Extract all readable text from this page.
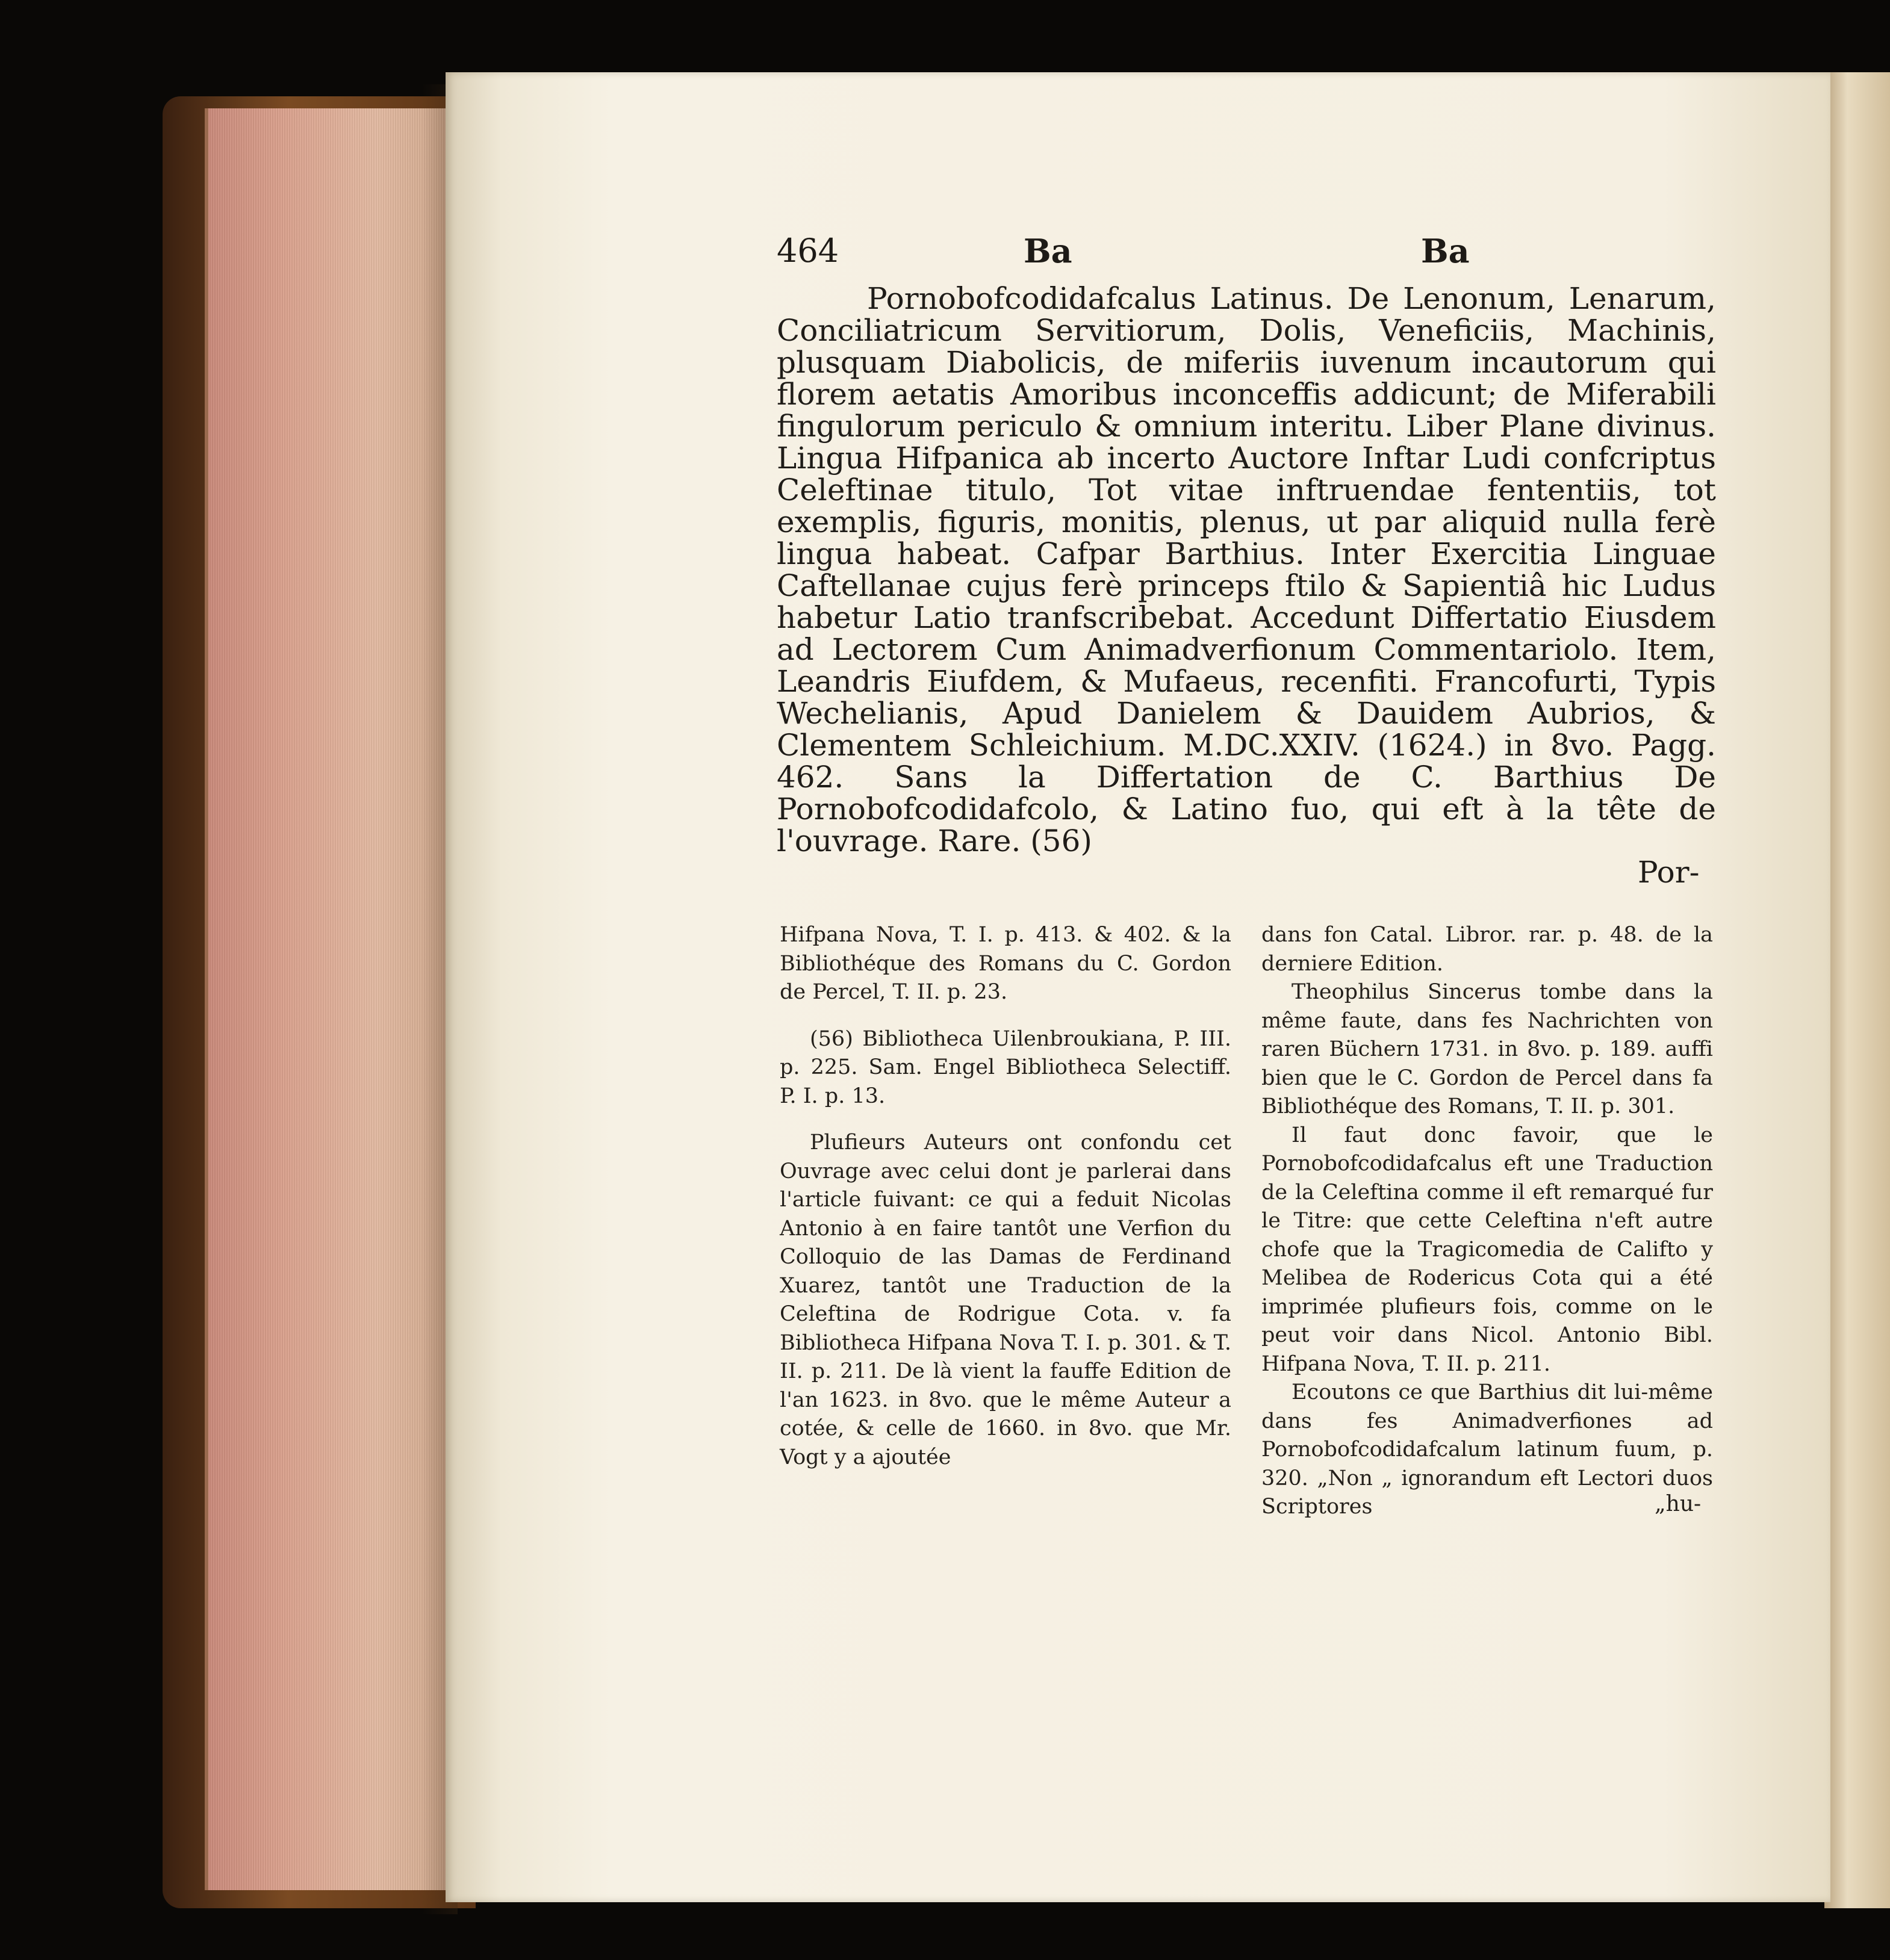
464	Ba	Ba

Pornobofcodidafcalus Latinus. De Lenonum, Lenarum, Conciliatricum Servitiorum, Dolis, Veneficiis, Machinis, plusquam Diabolicis, de miferiis iuvenum incautorum qui florem aetatis Amoribus inconceffis addicunt; de Miferabili fingulorum periculo & omnium interitu. Liber Plane divinus. Lingua Hifpanica ab incerto Auctore Inftar Ludi confcriptus Celeftinae titulo, Tot vitae inftruendae fententiis, tot exemplis, figuris, monitis, plenus, ut par aliquid nulla ferè lingua habeat. Cafpar Barthius. Inter Exercitia Linguae Caftellanae cujus ferè princeps ftilo & Sapientiâ hic Ludus habetur Latio tranfscribebat. Accedunt Differtatio Eiusdem ad Lectorem Cum Animadverfionum Commentariolo. Item, Leandris Eiufdem, & Mufaeus, recenfiti. Francofurti, Typis Wechelianis, Apud Danielem & Dauidem Aubrios, & Clementem Schleichium. M.DC.XXIV. (1624.) in 8vo. Pagg. 462. Sans la Differtation de C. Barthius De Pornobofcodidafcolo, & Latino fuo, qui eft à la tête de l'ouvrage. Rare. (56)

Por-

Hifpana Nova, T. I. p. 413. & 402. & la Bibliothéque des Romans du C. Gordon de Percel, T. II. p. 23.

(56) Bibliotheca Uilenbroukiana, P. III. p. 225. Sam. Engel Bibliotheca Selectiff. P. I. p. 13.

Plufieurs Auteurs ont confondu cet Ouvrage avec celui dont je parlerai dans l'article fuivant: ce qui a feduit Nicolas Antonio à en faire tantôt une Verfion du Colloquio de las Damas de Ferdinand Xuarez, tantôt une Traduction de la Celeftina de Rodrigue Cota. v. fa Bibliotheca Hifpana Nova T. I. p. 301. & T. II. p. 211. De là vient la fauffe Edition de l'an 1623. in 8vo. que le même Auteur a cotée, & celle de 1660. in 8vo. que Mr. Vogt y a ajoutée

dans fon Catal. Libror. rar. p. 48. de la derniere Edition.

Theophilus Sincerus tombe dans la même faute, dans fes Nachrichten von raren Büchern 1731. in 8vo. p. 189. auffi bien que le C. Gordon de Percel dans fa Bibliothéque des Romans, T. II. p. 301.

Il faut donc favoir, que le Pornobofcodidafcalus eft une Traduction de la Celeftina comme il eft remarqué fur le Titre: que cette Celeftina n'eft autre chofe que la Tragicomedia de Califto y Melibea de Rodericus Cota qui a été imprimée plufieurs fois, comme on le peut voir dans Nicol. Antonio Bibl. Hifpana Nova, T. II. p. 211.

Ecoutons ce que Barthius dit lui-même dans fes Animadverfiones ad Pornobofcodidafcalum latinum fuum, p. 320. „Non „ ignorandum eft Lectori duos Scriptores	„hu-
